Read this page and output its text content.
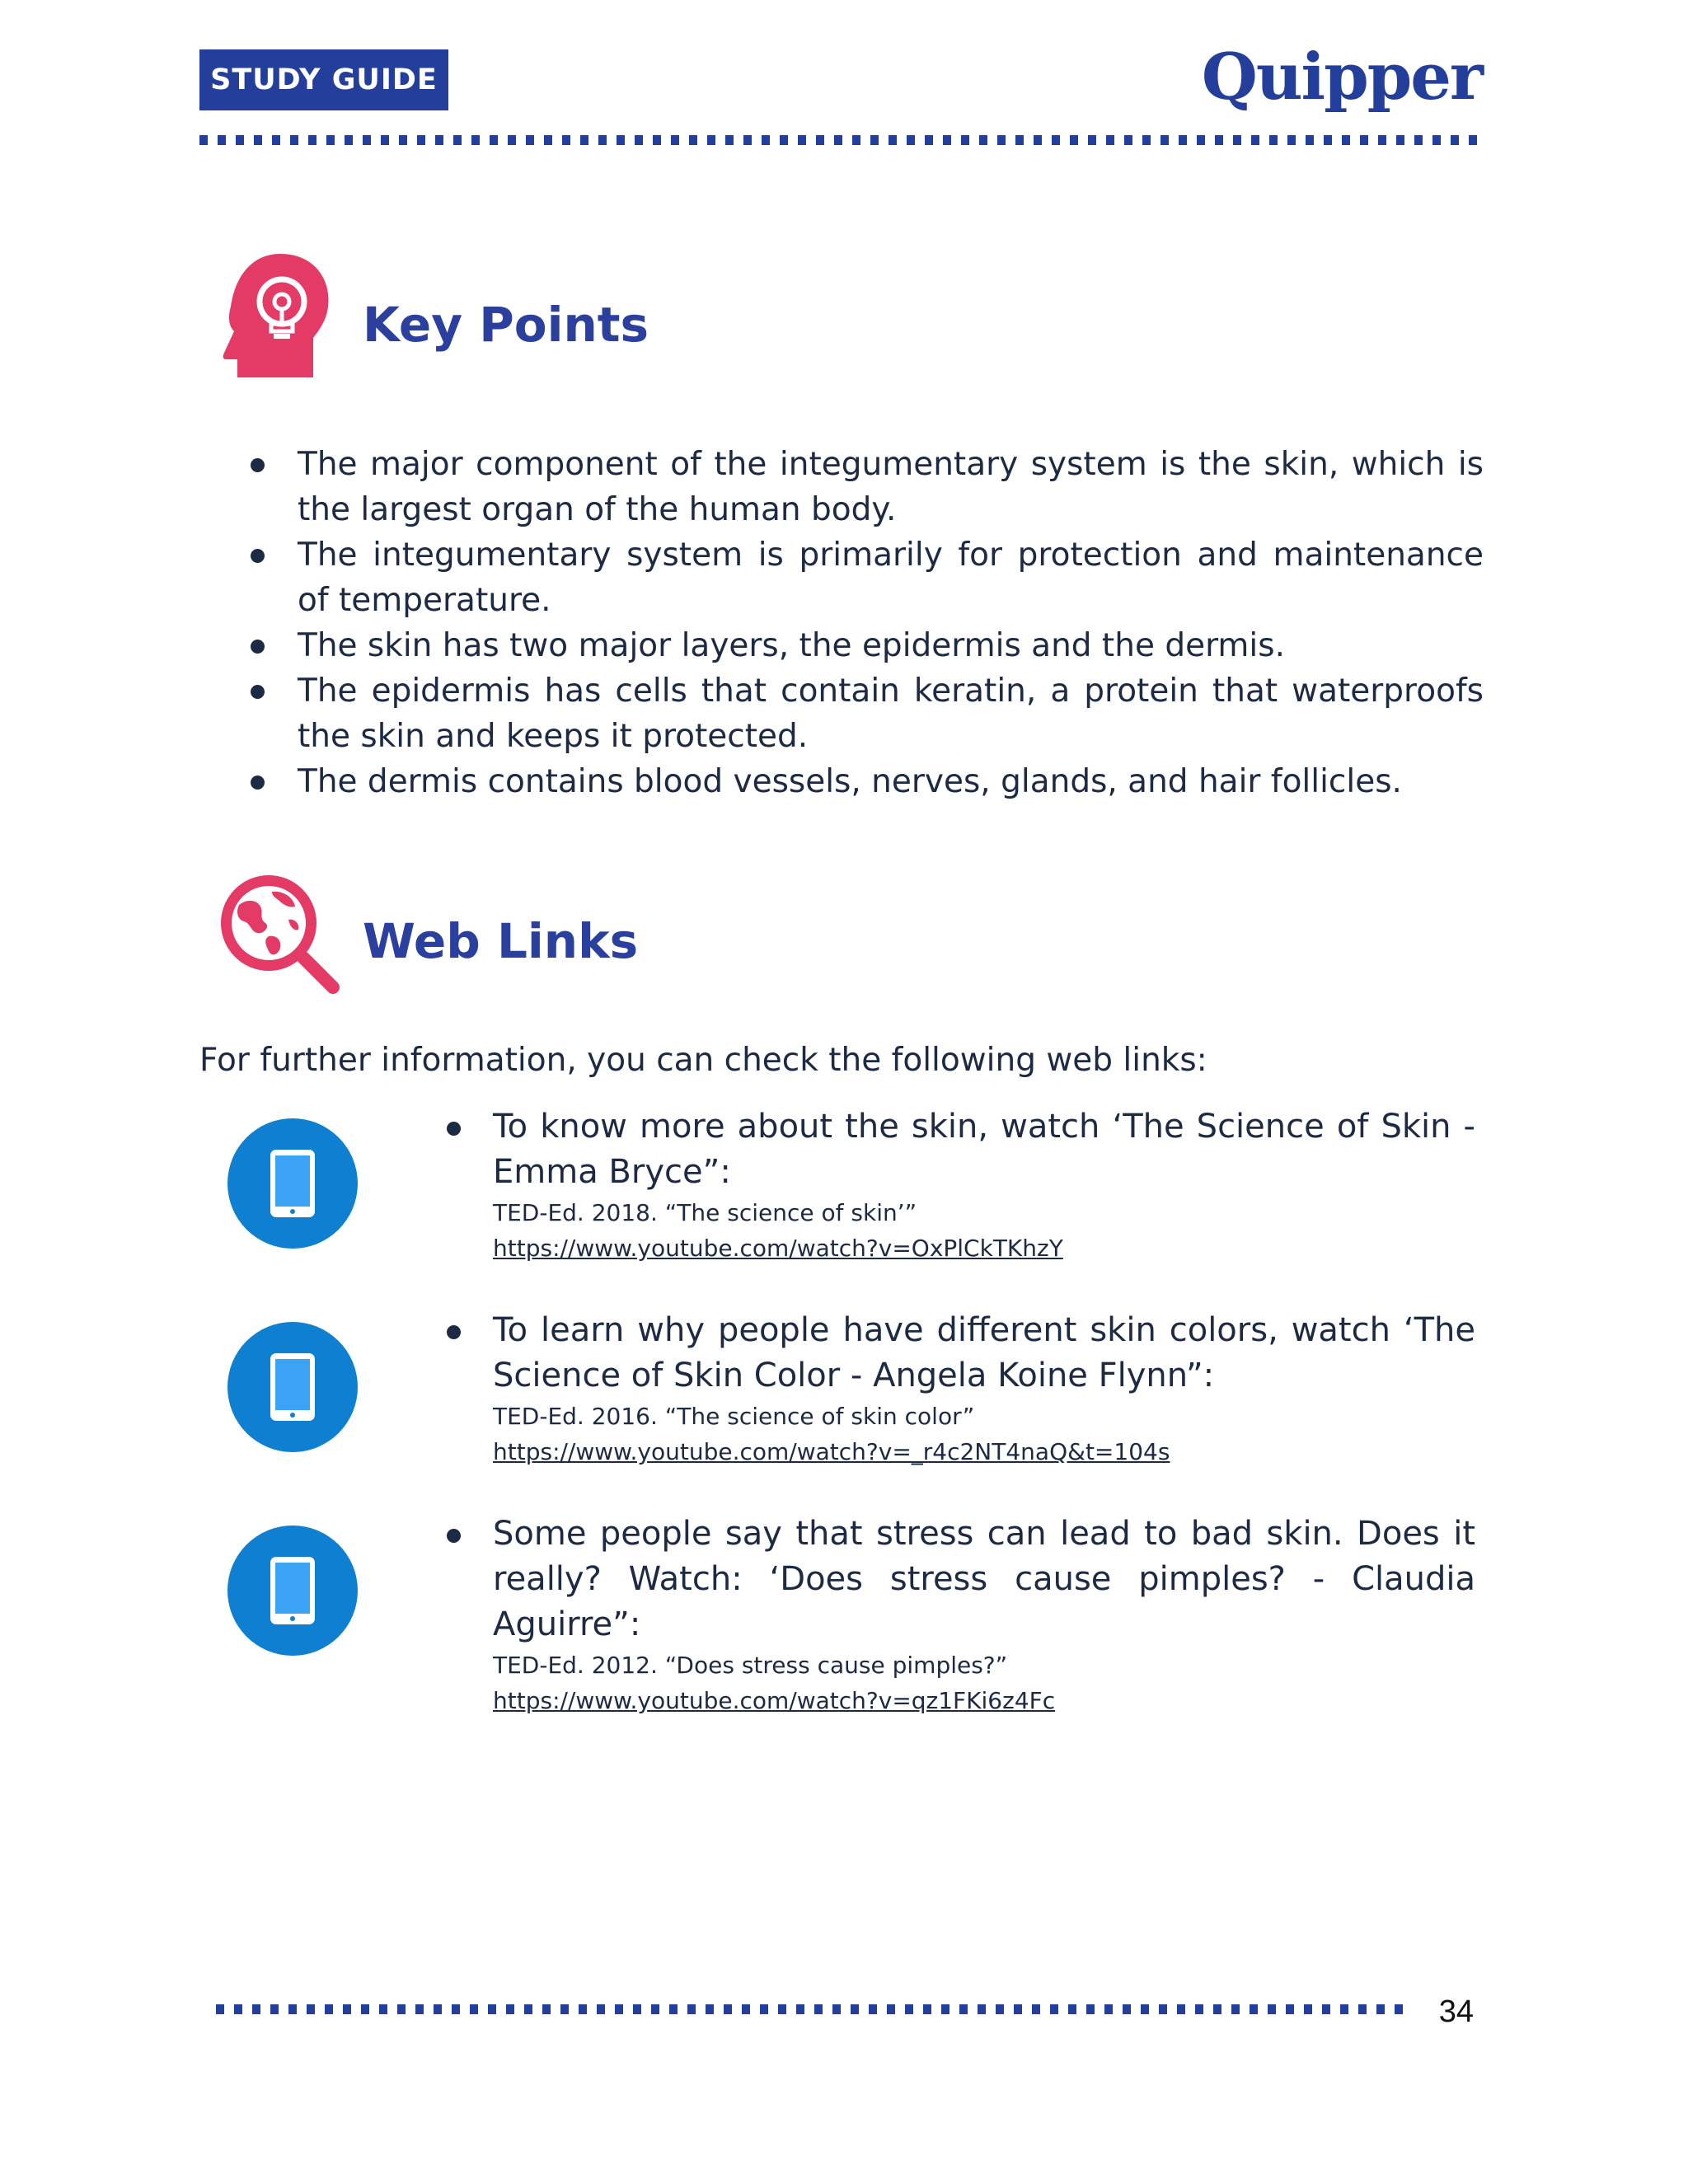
STUDY GUIDE	Quipper
Key Points
The major component of the integumentary system is the skin, which is the largest organ of the human body.
The integumentary system is primarily for protection and maintenance of temperature.
The skin has two major layers, the epidermis and the dermis.
The epidermis has cells that contain keratin, a protein that waterproofs the skin and keeps it protected.
The dermis contains blood vessels, nerves, glands, and hair follicles.
Web Links

For further information, you can check the following web links:

To know more about the skin, watch ‘The Science of Skin - Emma Bryce”:
TED-Ed. 2018. “The science of skin’”
https://www.youtube.com/watch?v=OxPlCkTKhzY
To learn why people have different skin colors, watch ‘The Science of Skin Color - Angela Koine Flynn”:
TED-Ed. 2016. “The science of skin color”
https://www.youtube.com/watch?v=_r4c2NT4naQ&t=104s
Some people say that stress can lead to bad skin. Does it really? Watch: ‘Does stress cause pimples? - Claudia Aguirre”:
TED-Ed. 2012. “Does stress cause pimples?”
https://www.youtube.com/watch?v=qz1FKi6z4Fc
34
